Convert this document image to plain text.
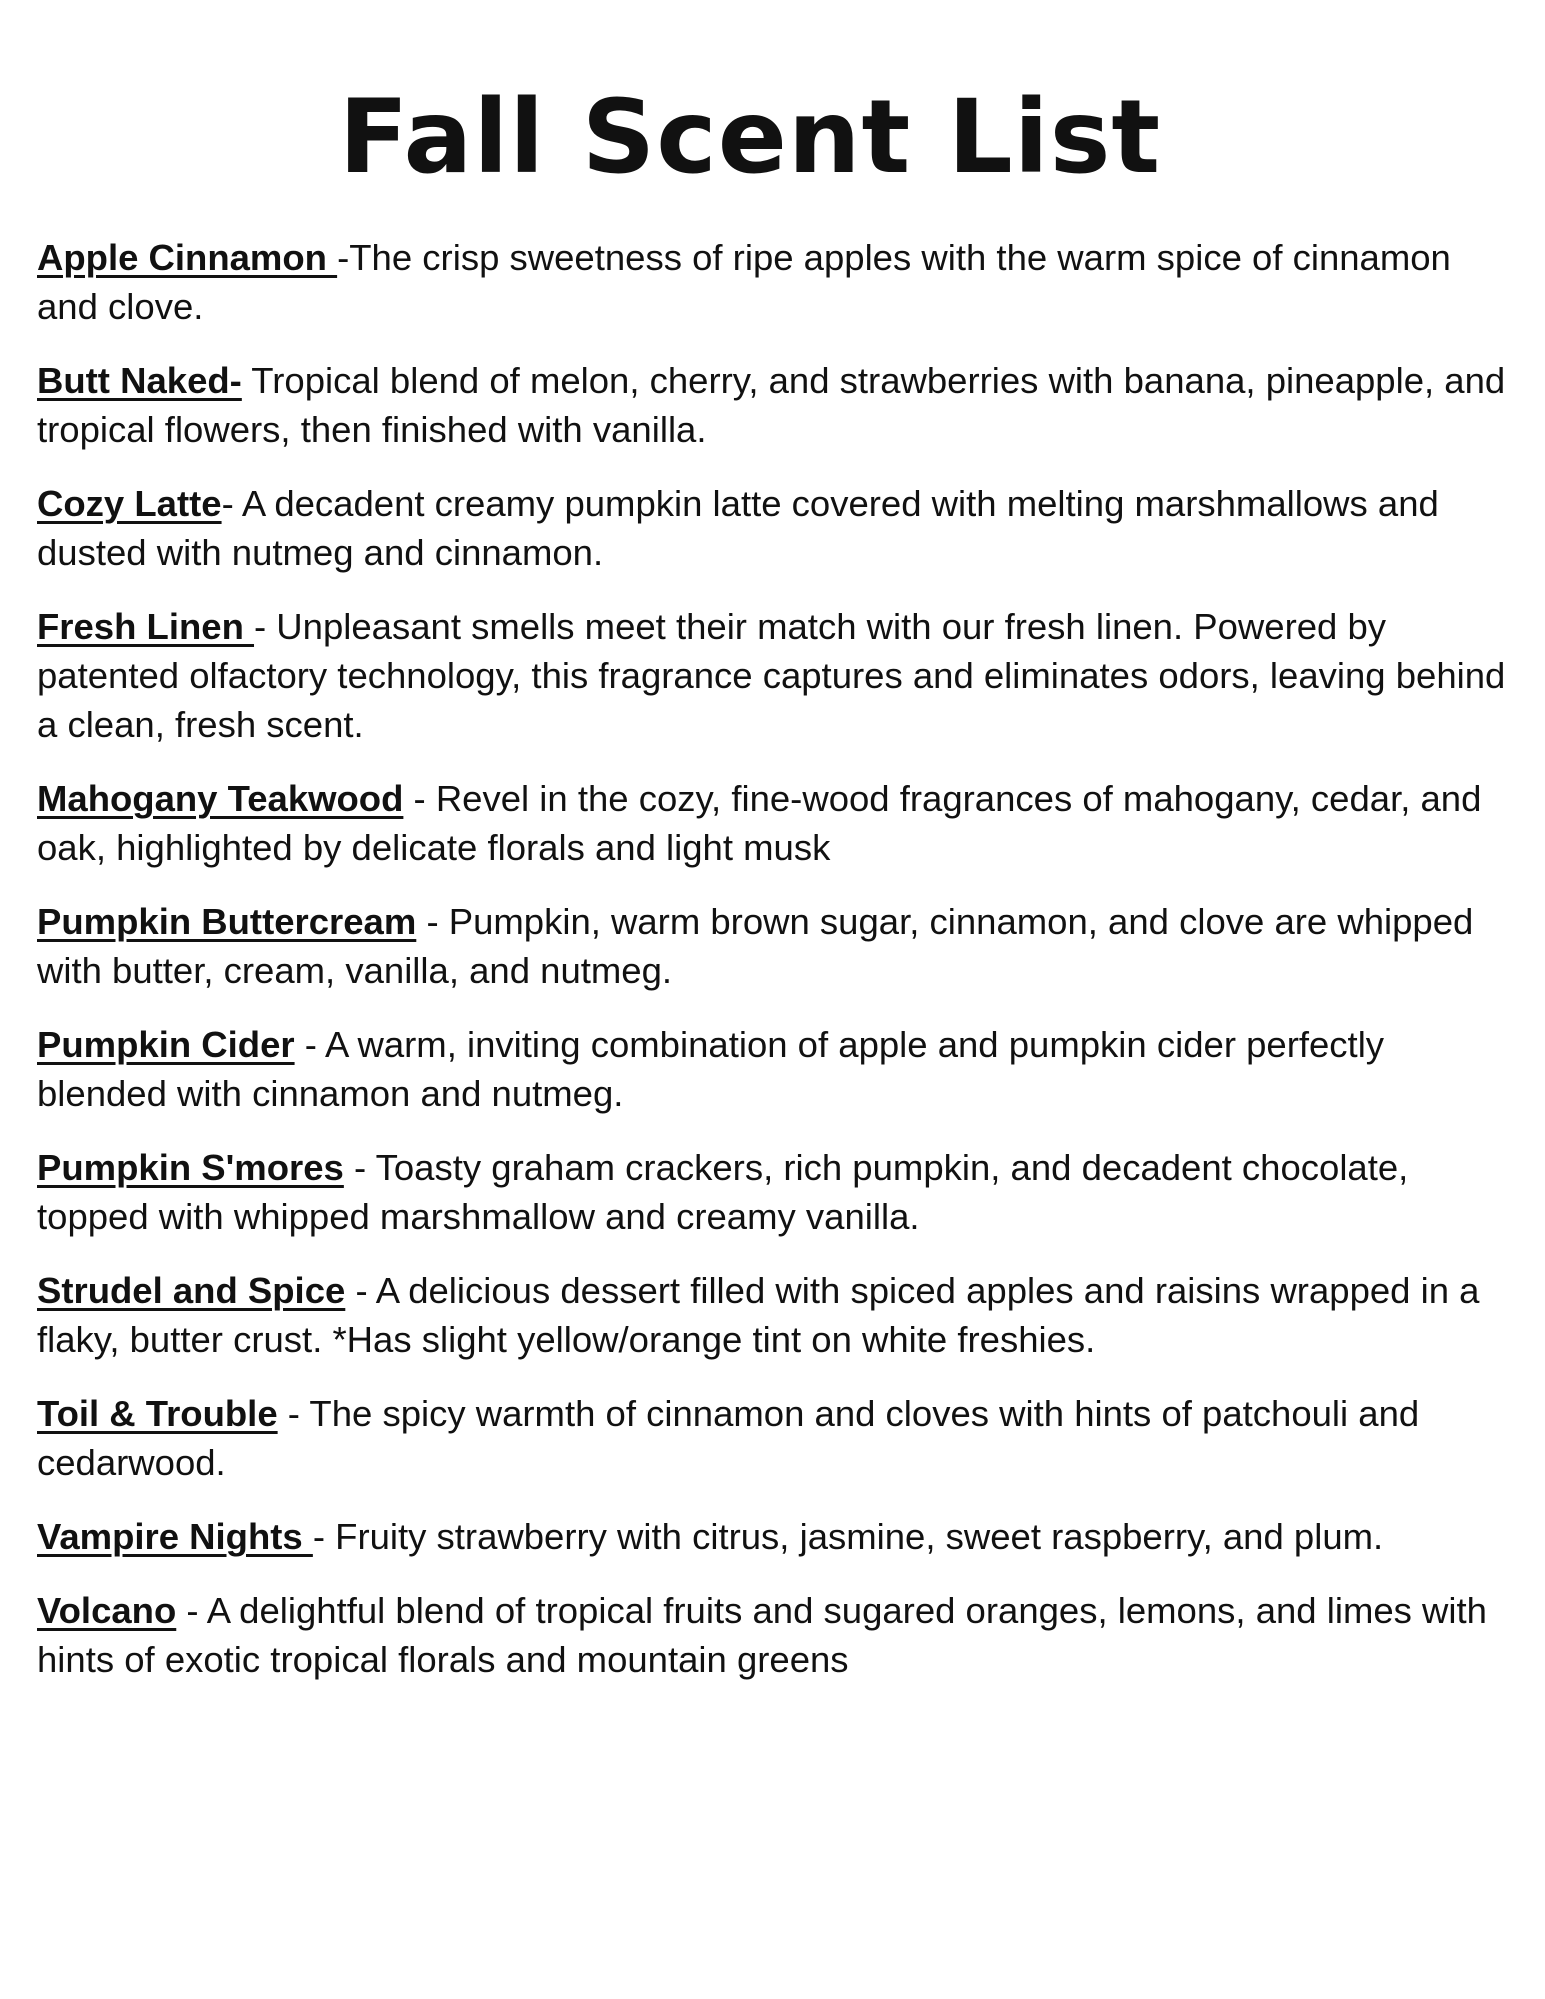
Fall Scent List

Apple Cinnamon -The crisp sweetness of ripe apples with the warm spice of cinnamon and clove.

Butt Naked- Tropical blend of melon, cherry, and strawberries with banana, pineapple, and tropical flowers, then finished with vanilla.

Cozy Latte- A decadent creamy pumpkin latte covered with melting marshmallows and dusted with nutmeg and cinnamon.

Fresh Linen - Unpleasant smells meet their match with our fresh linen. Powered by patented olfactory technology, this fragrance captures and eliminates odors, leaving behind a clean, fresh scent.

Mahogany Teakwood - Revel in the cozy, fine-wood fragrances of mahogany, cedar, and oak, highlighted by delicate florals and light musk

Pumpkin Buttercream - Pumpkin, warm brown sugar, cinnamon, and clove are whipped with butter, cream, vanilla, and nutmeg.

Pumpkin Cider - A warm, inviting combination of apple and pumpkin cider perfectly blended with cinnamon and nutmeg.

Pumpkin S'mores - Toasty graham crackers, rich pumpkin, and decadent chocolate, topped with whipped marshmallow and creamy vanilla.

Strudel and Spice - A delicious dessert filled with spiced apples and raisins wrapped in a flaky, butter crust. *Has slight yellow/orange tint on white freshies.

Toil & Trouble - The spicy warmth of cinnamon and cloves with hints of patchouli and cedarwood.

Vampire Nights - Fruity strawberry with citrus, jasmine, sweet raspberry, and plum.

Volcano - A delightful blend of tropical fruits and sugared oranges, lemons, and limes with hints of exotic tropical florals and mountain greens
